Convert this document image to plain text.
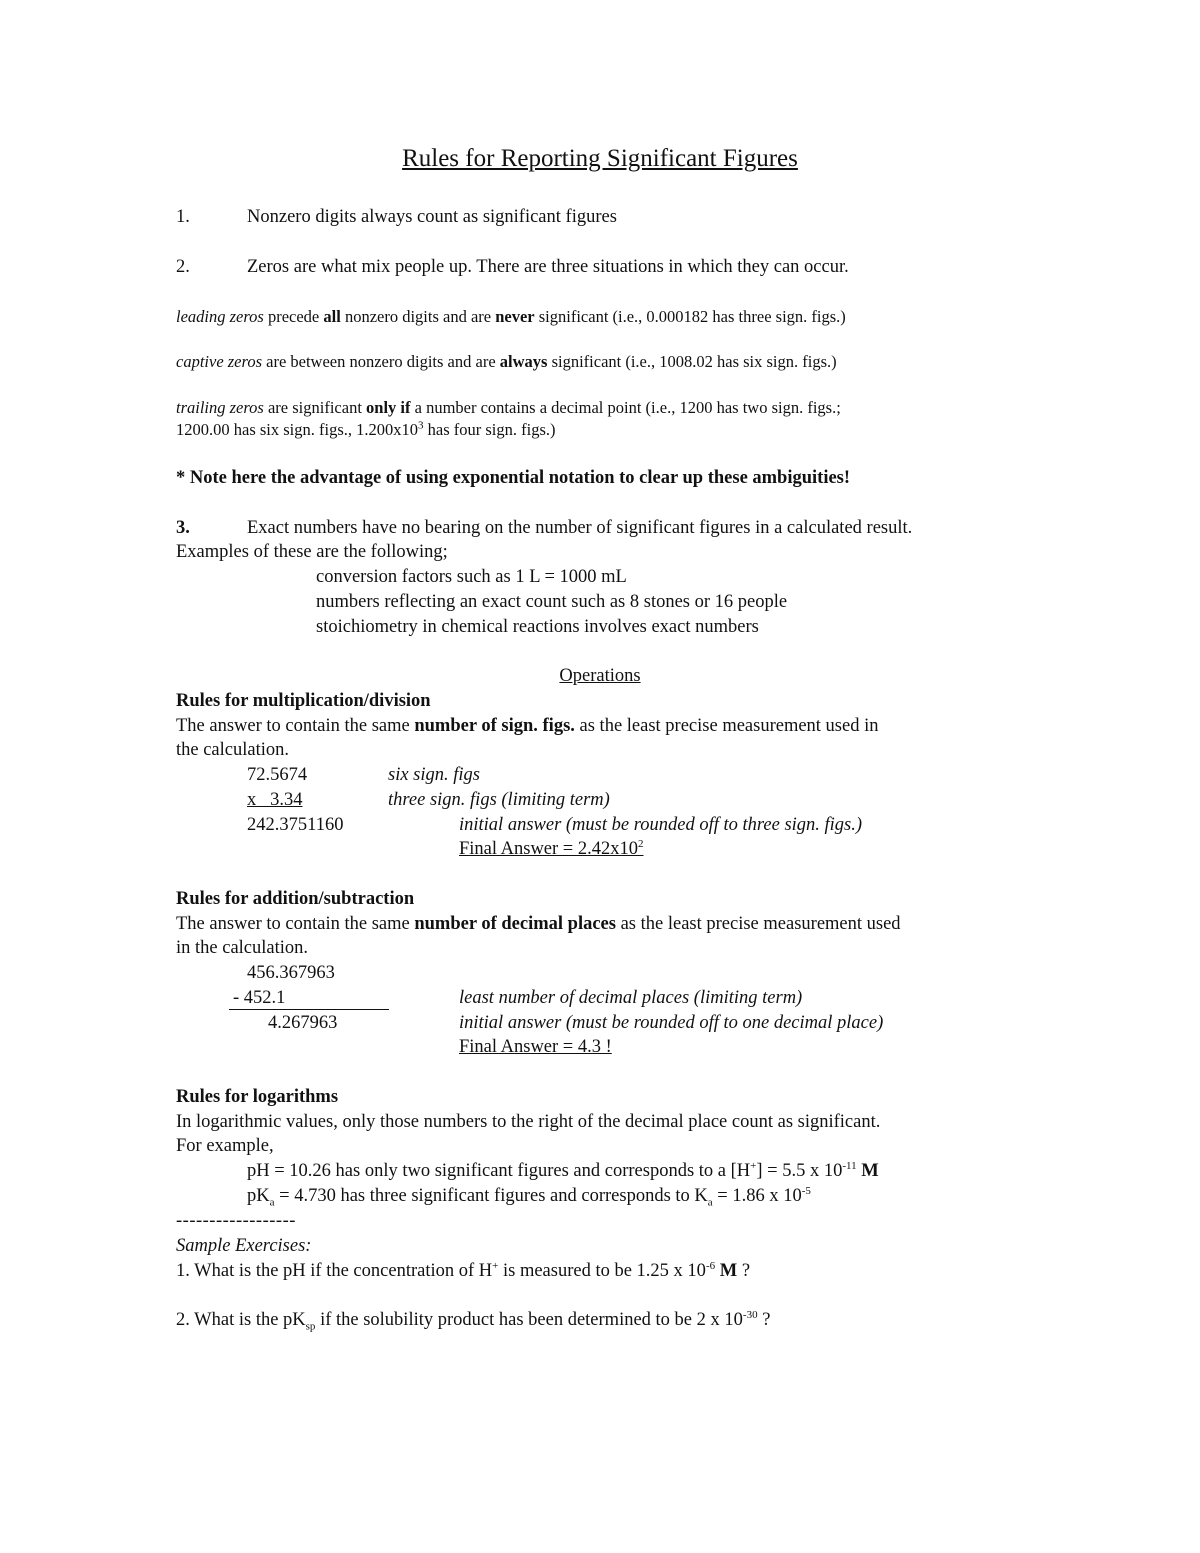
Rules for Reporting Significant Figures
1.	Nonzero digits always count as significant figures
2.	Zeros are what mix people up. There are three situations in which they can occur.
leading zeros precede all nonzero digits and are never significant (i.e., 0.000182 has three sign. figs.)
captive zeros are between nonzero digits and are always significant (i.e., 1008.02 has six sign. figs.)
trailing zeros are significant only if a number contains a decimal point (i.e., 1200 has two sign. figs.;
1200.00 has six sign. figs., $1.200x10^3$ has four sign. figs.)
* Note here the advantage of using exponential notation to clear up these ambiguities!
3.	Exact numbers have no bearing on the number of significant figures in a calculated result.
Examples of these are the following;
conversion factors such as 1 L = 1000 mL
numbers reflecting an exact count such as 8 stones or 16 people
stoichiometry in chemical reactions involves exact numbers
Operations
Rules for multiplication/division
The answer to contain the same number of sign. figs. as the least precise measurement used in
the calculation.
72.5674	six sign. figs
x   3.34	three sign. figs (limiting term)
242.3751160	initial answer (must be rounded off to three sign. figs.)
Final Answer = $2.42x10^2$
Rules for addition/subtraction
The answer to contain the same number of decimal places as the least precise measurement used
in the calculation.
456.367963
- 452.1	least number of decimal places (limiting term)
4.267963	initial answer (must be rounded off to one decimal place)
Final Answer = 4.3 !
Rules for logarithms
In logarithmic values, only those numbers to the right of the decimal place count as significant.
For example,
pH = 10.26 has only two significant figures and corresponds to a [H+] = 5.5 x $10^{-11}$ M
$pK_a = 4.730$ has three significant figures and corresponds to $K_a = 1.86$ x $10^{-5}$
------------------
Sample Exercises:
1. What is the pH if the concentration of H+ is measured to be 1.25 x $10^{-6}$ M ?
2. What is the $pK_{sp}$ if the solubility product has been determined to be 2 x $10^{-30}$ ?
